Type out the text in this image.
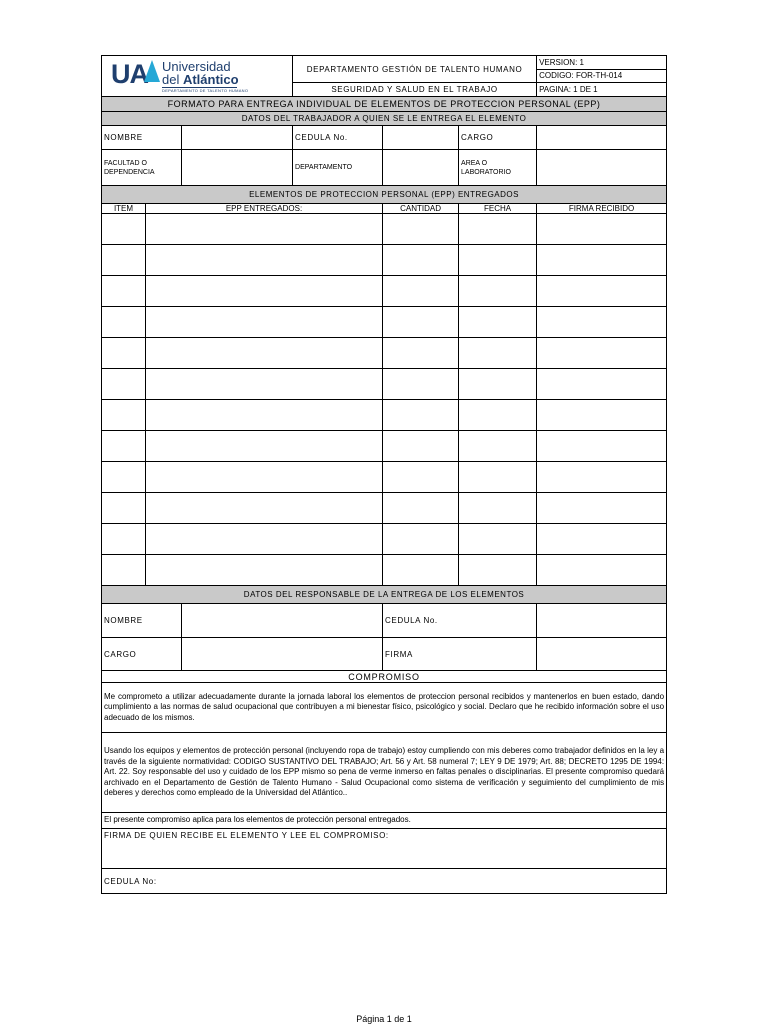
UA Universidad
del Atlántico
DEPARTAMENTO DE TALENTO HUMANO			DEPARTAMENTO GESTIÓN DE TALENTO HUMANO			VERSION: 1
						CODIGO: FOR-TH-014
			SEGURIDAD Y SALUD EN EL TRABAJO			PAGINA: 1 DE 1
FORMATO PARA ENTREGA INDIVIDUAL DE ELEMENTOS DE PROTECCION PERSONAL (EPP)						
DATOS DEL TRABAJADOR A QUIEN SE LE ENTREGA EL ELEMENTO						
NOMBRE			CEDULA No.		CARGO	
FACULTAD O
DEPENDENCIA			DEPARTAMENTO		AREA O
LABORATORIO	
ELEMENTOS DE PROTECCION PERSONAL (EPP) ENTREGADOS						
ITEM	EPP ENTREGADOS:			CANTIDAD	FECHA	FIRMA RECIBIDO

DATOS DEL RESPONSABLE DE LA ENTREGA DE LOS ELEMENTOS						
NOMBRE				CEDULA No.		
CARGO				FIRMA		
COMPROMISO						
Me comprometo a utilizar adecuadamente durante la jornada laboral los elementos de proteccion personal recibidos y mantenerlos en buen estado, dando cumplimiento a las normas de salud ocupacional que contribuyen a mi bienestar físico, psicológico y social. Declaro que he recibido información sobre el uso adecuado de los mismos.						
Usando los equipos y elementos de protección personal (incluyendo ropa de trabajo) estoy cumpliendo con mis deberes como trabajador definidos en la ley a través de la siguiente normatividad: CODIGO SUSTANTIVO DEL TRABAJO; Art. 56 y Art. 58 numeral 7; LEY 9 DE 1979; Art. 88; DECRETO 1295 DE 1994: Art. 22. Soy responsable del uso y cuidado de los EPP mismo so pena de verme inmerso en faltas penales o disciplinarias. El presente compromiso quedará archivado en el Departamento de Gestión de Talento Humano - Salud Ocupacional como sistema de verificación y seguimiento del cumplimiento de mis deberes y derechos como empleado de la Universidad del Atlántico..						
El presente compromiso aplica para los elementos de protección personal entregados.						
FIRMA DE QUIEN RECIBE EL ELEMENTO Y LEE EL COMPROMISO:						
CEDULA No:						
Página 1 de 1
